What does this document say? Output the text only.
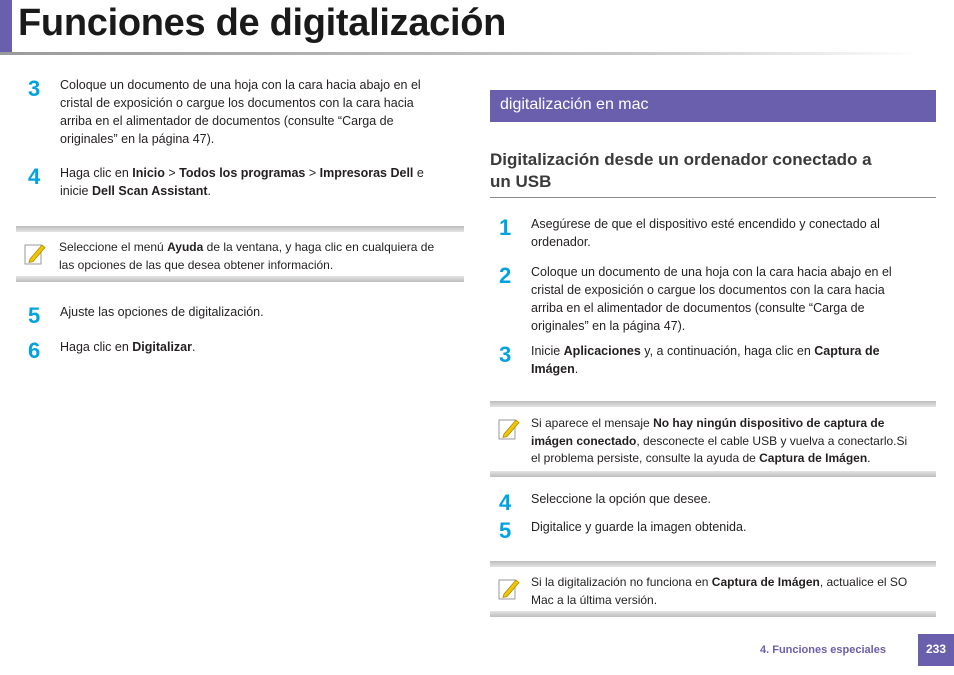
Funciones de digitalización
3	Coloque un documento de una hoja con la cara hacia abajo en el
cristal de exposición o cargue los documentos con la cara hacia
arriba en el alimentador de documentos (consulte “Carga de
originales” en la página 47).
4	Haga clic en Inicio > Todos los programas > Impresoras Dell e
inicie Dell Scan Assistant.
Seleccione el menú Ayuda de la ventana, y haga clic en cualquiera de
las opciones de las que desea obtener información.
5	Ajuste las opciones de digitalización.
6	Haga clic en Digitalizar.
digitalización en mac
Digitalización desde un ordenador conectado a
un USB
1	Asegúrese de que el dispositivo esté encendido y conectado al
ordenador.
2	Coloque un documento de una hoja con la cara hacia abajo en el
cristal de exposición o cargue los documentos con la cara hacia
arriba en el alimentador de documentos (consulte “Carga de
originales” en la página 47).
3	Inicie Aplicaciones y, a continuación, haga clic en Captura de
Imágen.
Si aparece el mensaje No hay ningún dispositivo de captura de
imágen conectado, desconecte el cable USB y vuelva a conectarlo.Si
el problema persiste, consulte la ayuda de Captura de Imágen.
4	Seleccione la opción que desee.
5	Digitalice y guarde la imagen obtenida.
Si la digitalización no funciona en Captura de Imágen, actualice el SO
Mac a la última versión.
4. Funciones especiales	233
